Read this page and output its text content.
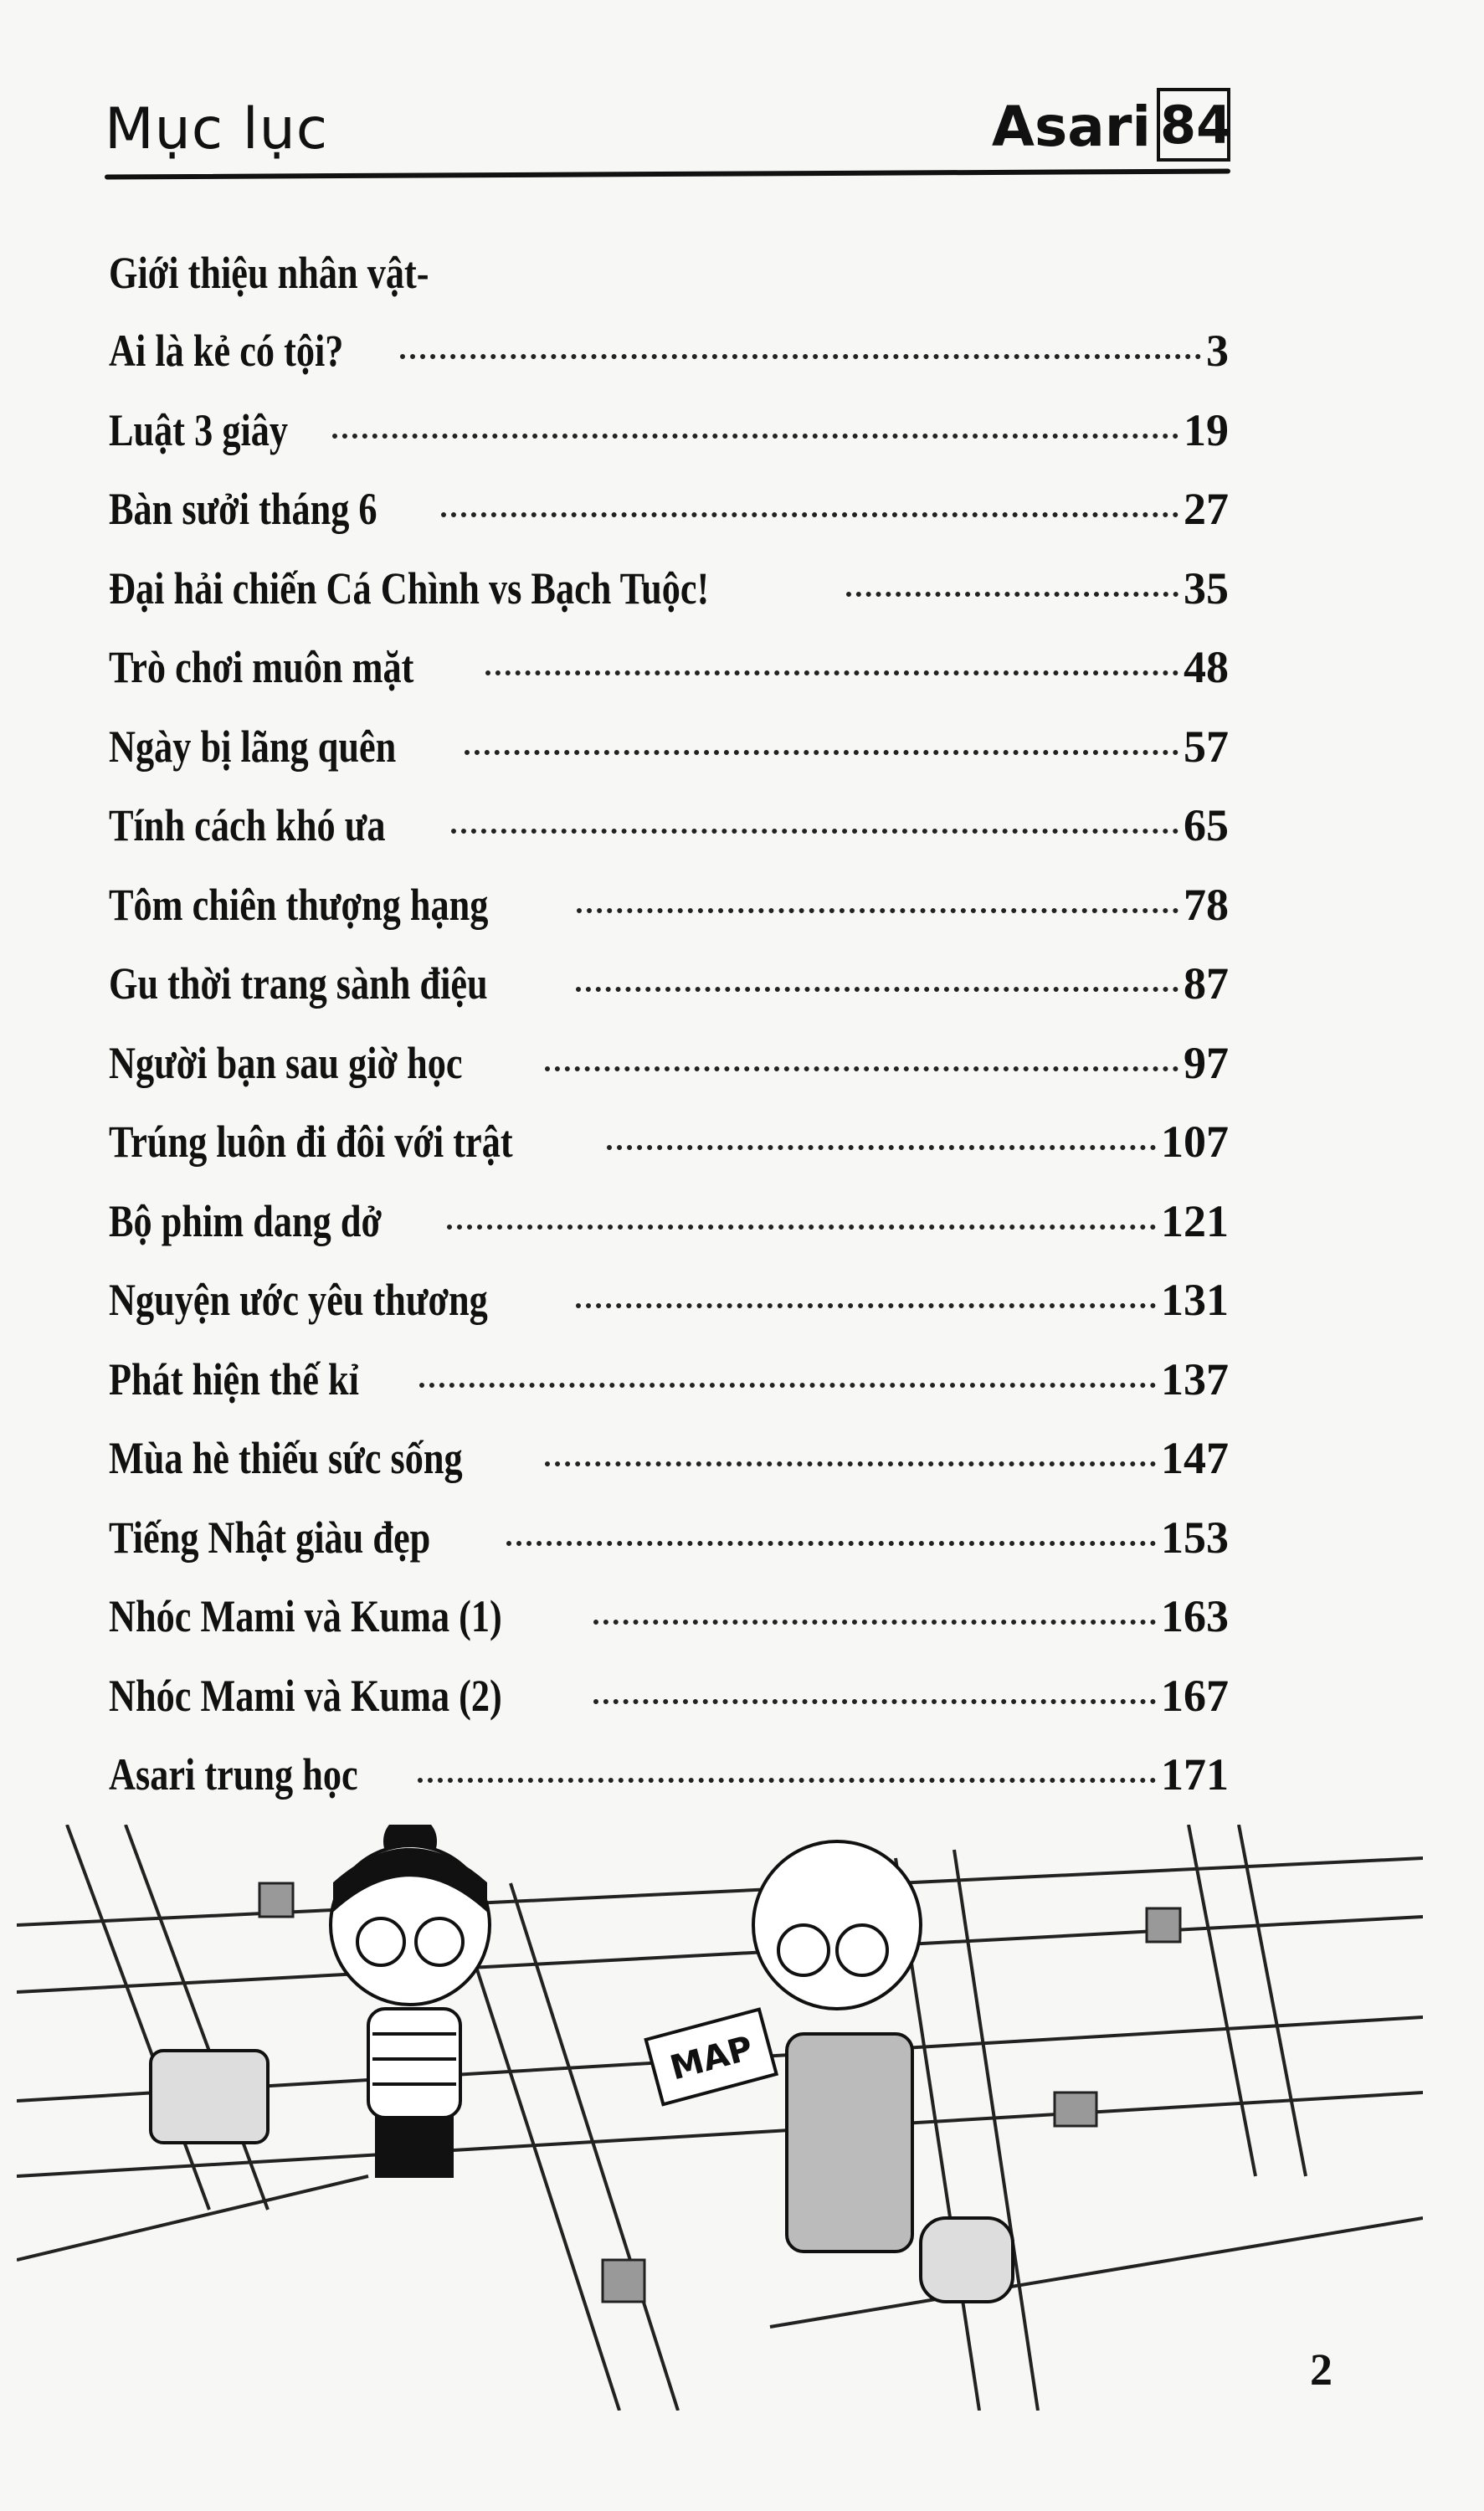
Mục lục	Asari 84
Giới thiệu nhân vật-
Ai là kẻ có tội?	3
Luật 3 giây	19
Bàn sưởi tháng 6	27
Đại hải chiến Cá Chình vs Bạch Tuộc!	35
Trò chơi muôn mặt	48
Ngày bị lãng quên	57
Tính cách khó ưa	65
Tôm chiên thượng hạng	78
Gu thời trang sành điệu	87
Người bạn sau giờ học	97
Trúng luôn đi đôi với trật	107
Bộ phim dang dở	121
Nguyện ước yêu thương	131
Phát hiện thế kỉ	137
Mùa hè thiếu sức sống	147
Tiếng Nhật giàu đẹp	153
Nhóc Mami và Kuma (1)	163
Nhóc Mami và Kuma (2)	167
Asari trung học	171
MAP
2
